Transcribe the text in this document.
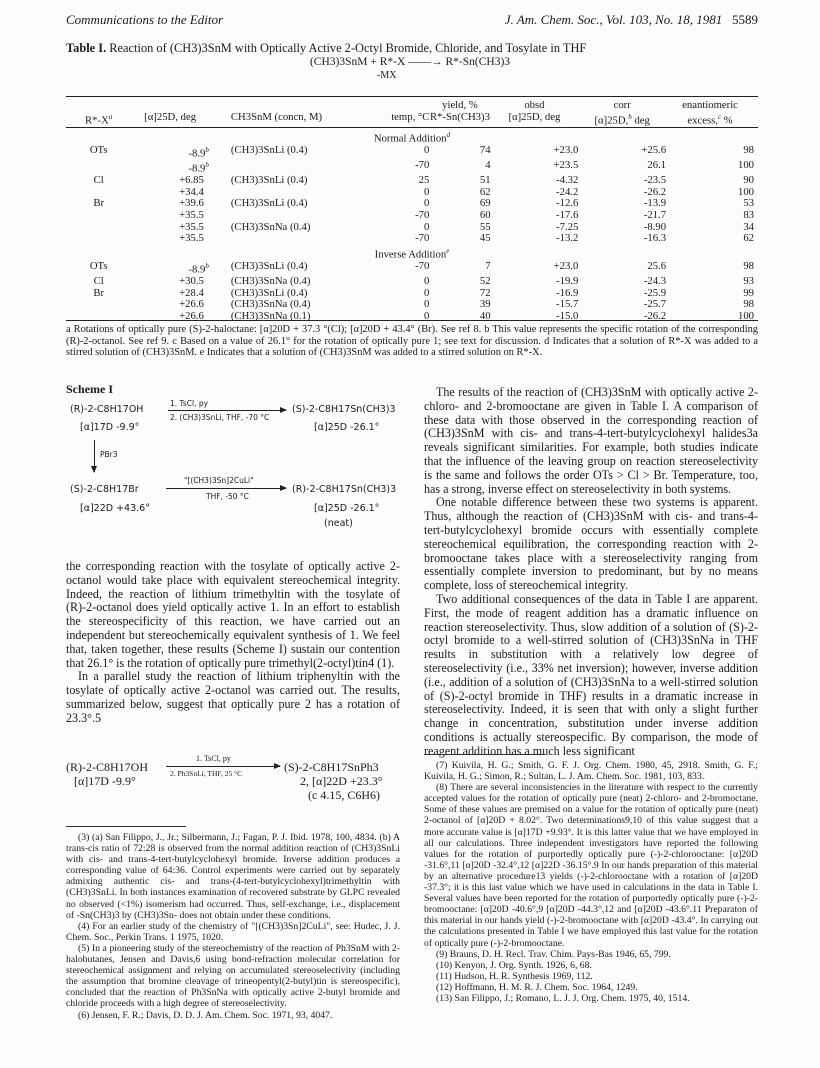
Communications to the Editor	J. Am. Chem. Soc., Vol. 103, No. 18, 1981 5589
Table I. Reaction of (CH3)3SnM with Optically Active 2-Octyl Bromide, Chloride, and Tosylate in THF
(CH3)3SnM + R*-X ——→ R*-Sn(CH3)3
-MX
				yield, %	obsd	corr	enantiomeric
$R*-X^a$	[α]25D, deg	CH3SnM (concn, M)	temp, °C	R*-Sn(CH3)3	[α]25D, deg	[α]25D,$^b$ deg	excess,$^c$ %

Normal Addition$^d$
OTs	-8.9$^b$	(CH3)3SnLi (0.4)	0	74	+23.0	+25.6	98
	-8.9$^b$		-70	4	+23.5	26.1	100
Cl	+6.85	(CH3)3SnLi (0.4)	25	51	-4.32	-23.5	90
	+34.4		0	62	-24.2	-26.2	100
Br	+39.6	(CH3)3SnLi (0.4)	0	69	-12.6	-13.9	53
	+35.5		-70	60	-17.6	-21.7	83
	+35.5	(CH3)3SnNa (0.4)	0	55	-7.25	-8.90	34
	+35.5		-70	45	-13.2	-16.3	62
Inverse Addition$^e$
OTs	-8.9$^b$	(CH3)3SnLi (0.4)	-70	7	+23.0	25.6	98
Cl	+30.5	(CH3)3SnNa (0.4)	0	52	-19.9	-24.3	93
Br	+28.4	(CH3)3SnLi (0.4)	0	72	-16.9	-25.9	99
	+26.6	(CH3)3SnNa (0.4)	0	39	-15.7	-25.7	98
	+26.6	(CH3)3SnNa (0.1)	0	40	-15.0	-26.2	100
a Rotations of optically pure (S)-2-haloctane: [α]20D + 37.3 °(Cl); [α]20D + 43.4° (Br). See ref 8. b This value represents the specific rotation of the corresponding (R)-2-octanol. See ref 9. c Based on a value of 26.1° for the rotation of optically pure 1; see text for discussion. d Indicates that a solution of R*-X was added to a stirred solution of (CH3)3SnM. e Indicates that a solution of (CH3)3SnM was added to a stirred solution on R*-X.
Scheme I
(R)-2-C8H17OH
[α]17D -9.9°
1. TsCl, py
2. (CH3)3SnLi, THF, -70 °C
(S)-2-C8H17Sn(CH3)3
[α]25D -26.1°
PBr3
(S)-2-C8H17Br
[α]22D +43.6°
"[(CH3)3Sn]2CuLi"
THF, -50 °C
(R)-2-C8H17Sn(CH3)3
[α]25D -26.1°
(neat)

the corresponding reaction with the tosylate of optically active 2-octanol would take place with equivalent stereochemical integrity. Indeed, the reaction of lithium trimethyltin with the tosylate of (R)-2-octanol does yield optically active 1. In an effort to establish the stereospecificity of this reaction, we have carried out an independent but stereochemically equivalent synthesis of 1. We feel that, taken together, these results (Scheme I) sustain our contention that 26.1° is the rotation of optically pure trimethyl(2-octyl)tin4 (1).

In a parallel study the reaction of lithium triphenyltin with the tosylate of optically active 2-octanol was carried out. The results, summarized below, suggest that optically pure 2 has a rotation of 23.3°.5

(R)-2-C8H17OH
[α]17D -9.9°
1. TsCl, py
2. Ph3SnLi, THF, 25 °C	(S)-2-C8H17SnPh3
2, [α]22D +23.3°
(c 4.15, C6H6)

(3) (a) San Filippo, J., Jr.; Silbermann, J.; Fagan, P. J. Ibid. 1978, 100, 4834. (b) A trans-cis ratio of 72:28 is observed from the normal addition reaction of (CH3)3SnLi with cis- and trans-4-tert-butylcyclohexyl bromide. Inverse addition produces a corresponding value of 64:36. Control experiments were carried out by separately admixing authentic cis- and trans-(4-tert-butylcyclohexyl)trimethyltin with (CH3)3SnLi. In both instances examination of recovered substrate by GLPC revealed no observed (<1%) isomerism had occurred. Thus, self-exchange, i.e., displacement of -Sn(CH3)3 by (CH3)3Sn- does not obtain under these conditions.

(4) For an earlier study of the chemistry of "[(CH3)3Sn]2CuLi", see: Hudec, J. J. Chem. Soc., Perkin Trans. 1 1975, 1020.

(5) In a pioneering study of the stereochemistry of the reaction of Ph3SnM with 2-halobutanes, Jensen and Davis,6 using bond-refraction molecular correlation for stereochemical assignment and relying on accumulated stereoselectivity (including the assumption that bromine cleavage of trineopentyl(2-butyl)tin is stereospecific), concluded that the reaction of Ph3SnNa with optically active 2-butyl bromide and chloride proceeds with a high degree of stereoselectivity.

(6) Jensen, F. R.; Davis, D. D. J. Am. Chem. Soc. 1971, 93, 4047.

The results of the reaction of (CH3)3SnM with optically active 2-chloro- and 2-bromooctane are given in Table I. A comparison of these data with those observed in the corresponding reaction of (CH3)3SnM with cis- and trans-4-tert-butylcyclohexyl halides3a reveals significant similarities. For example, both studies indicate that the influence of the leaving group on reaction stereoselectivity is the same and follows the order OTs > Cl > Br. Temperature, too, has a strong, inverse effect on stereoselectivity in both systems.

One notable difference between these two systems is apparent. Thus, although the reaction of (CH3)3SnM with cis- and trans-4-tert-butylcyclohexyl bromide occurs with essentially complete stereochemical equilibration, the corresponding reaction with 2-bromooctane takes place with a stereoselectivity ranging from essentially complete inversion to predominant, but by no means complete, loss of stereochemical integrity.

Two additional consequences of the data in Table I are apparent. First, the mode of reagent addition has a dramatic influence on reaction stereoselectivity. Thus, slow addition of a solution of (S)-2-octyl bromide to a well-stirred solution of (CH3)3SnNa in THF results in substitution with a relatively low degree of stereoselectivity (i.e., 33% net inversion); however, inverse addition (i.e., addition of a solution of (CH3)3SnNa to a well-stirred solution of (S)-2-octyl bromide in THF) results in a dramatic increase in stereoselectivity. Indeed, it is seen that with only a slight further change in concentration, substitution under inverse addition conditions is actually stereospecific. By comparison, the mode of reagent addition has a much less significant

(7) Kuivila, H. G.; Smith, G. F. J. Org. Chem. 1980, 45, 2918. Smith, G. F.; Kuivila, H. G.; Simon, R.; Sultan, L. J. Am. Chem. Soc. 1981, 103, 833.

(8) There are several inconsistencies in the literature with respect to the currently accepted values for the rotation of optically pure (neat) 2-chloro- and 2-bromoctane. Some of these values are premised on a value for the rotation of optically pure (neat) 2-octanol of [α]20D + 8.02°. Two determinations9,10 of this value suggest that a more accurate value is [α]17D +9.93°. It is this latter value that we have employed in all our calculations. Three independent investigators have reported the following values for the rotation of purportedly optically pure (-)-2-chlorooctane: [α]20D -31.6°,11 [α]20D -32.4°,12 [α]22D -36.15°.9 In our hands preparation of this material by an alternative procedure13 yields (-)-2-chlorooctane with a rotation of [α]20D -37.3°; it is this last value which we have used in calculations in the data in Table I. Several values have been reported for the rotation of purportedly optically pure (-)-2-bromooctane: [α]20D -40.6°,9 [α]20D -44.3°,12 and [α]20D -43.6°.11 Preparaton of this material in our hands yield (-)-2-bromooctane with [α]20D -43.4°. In carrying out the calculations presented in Table I we have employed this last value for the rotation of optically pure (-)-2-bromooctane.

(9) Brauns, D. H. Recl. Trav. Chim. Pays-Bas 1946, 65, 799.

(10) Kenyon, J. Org. Synth. 1926, 6, 68.

(11) Hudson, H. R. Synthesis 1969, 112.

(12) Hoffmann, H. M. R. J. Chem. Soc. 1964, 1249.

(13) San Filippo, J.; Romano, L. J. J. Org. Chem. 1975, 40, 1514.
